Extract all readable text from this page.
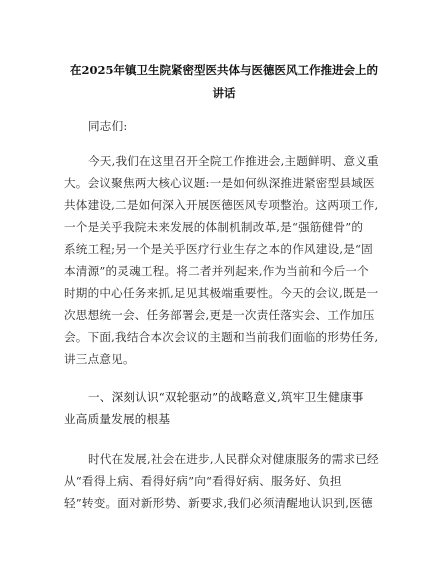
在2025年镇卫生院紧密型医共体与医德医风工作推进会上的
讲话
同志们:
今天,我们在这里召开全院工作推进会,主题鲜明、意义重
大。会议聚焦两大核心议题:一是如何纵深推进紧密型县域医
共体建设,二是如何深入开展医德医风专项整治。这两项工作,
一个是关乎我院未来发展的体制机制改革,是“强筋健骨”的
系统工程;另一个是关乎医疗行业生存之本的作风建设,是“固
本清源”的灵魂工程。将二者并列起来,作为当前和今后一个
时期的中心任务来抓,足见其极端重要性。今天的会议,既是一
次思想统一会、任务部署会,更是一次责任落实会、工作加压
会。下面,我结合本次会议的主题和当前我们面临的形势任务,
讲三点意见。
一、深刻认识“双轮驱动”的战略意义,筑牢卫生健康事
业高质量发展的根基
时代在发展,社会在进步,人民群众对健康服务的需求已经
从“看得上病、看得好病”向“看得好病、服务好、负担
轻”转变。面对新形势、新要求,我们必须清醒地认识到,医德
